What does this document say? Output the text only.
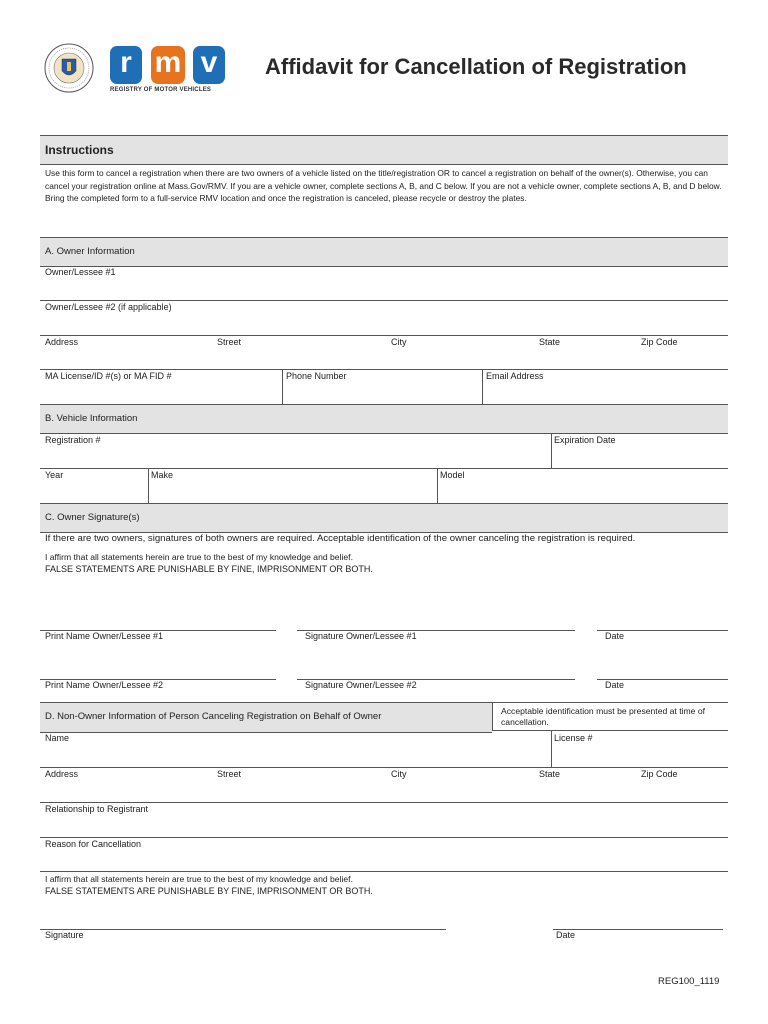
r m v
REGISTRY OF MOTOR VEHICLES
Affidavit for Cancellation of Registration
Instructions
Use this form to cancel a registration when there are two owners of a vehicle listed on the title/registration OR to cancel a registration on behalf of the owner(s). Otherwise, you can cancel your registration online at Mass.Gov/RMV. If you are a vehicle owner, complete sections A, B, and C below. If you are not a vehicle owner, complete sections A, B, and D below. Bring the completed form to a full-service RMV location and once the registration is canceled, please recycle or destroy the plates.
A. Owner Information
Owner/Lessee #1
Owner/Lessee #2 (if applicable)
Address	Street	City	State	Zip Code
MA License/ID #(s) or MA FID #	Phone Number	Email Address
B. Vehicle Information
Registration #	Expiration Date
Year	Make	Model
C. Owner Signature(s)
If there are two owners, signatures of both owners are required. Acceptable identification of the owner canceling the registration is required.
I affirm that all statements herein are true to the best of my knowledge and belief.
FALSE STATEMENTS ARE PUNISHABLE BY FINE, IMPRISONMENT OR BOTH.
Print Name Owner/Lessee #1	Signature Owner/Lessee #1	Date
Print Name Owner/Lessee #2	Signature Owner/Lessee #2	Date
D. Non-Owner Information of Person Canceling Registration on Behalf of Owner	Acceptable identification must be presented at time of cancellation.
Name	License #
Address	Street	City	State	Zip Code
Relationship to Registrant
Reason for Cancellation
I affirm that all statements herein are true to the best of my knowledge and belief.
FALSE STATEMENTS ARE PUNISHABLE BY FINE, IMPRISONMENT OR BOTH.
Signature	Date
REG100_1119
